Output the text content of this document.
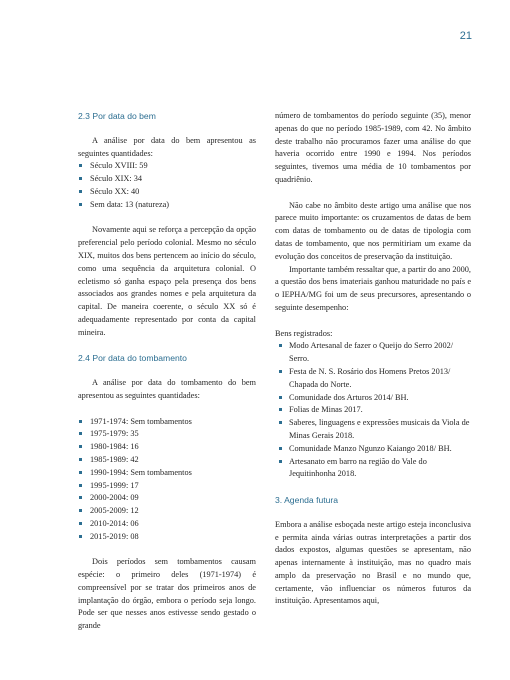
21
2.3 Por data do bem

A análise por data do bem apresentou as seguintes quantidades:

Século XVIII: 59
Século XIX: 34
Século XX: 40
Sem data: 13 (natureza)

Novamente aqui se reforça a percepção da opção preferencial pelo período colonial. Mesmo no século XIX, muitos dos bens pertencem ao início do século, como uma sequência da arquitetura colonial. O ecletismo só ganha espaço pela presença dos bens associados aos grandes nomes e pela arquitetura da capital. De maneira coerente, o século XX só é adequadamente representado por conta da capital mineira.

2.4 Por data do tombamento

A análise por data do tombamento do bem apresentou as seguintes quantidades:

1971-1974: Sem tombamentos
1975-1979: 35
1980-1984: 16
1985-1989: 42
1990-1994: Sem tombamentos
1995-1999: 17
2000-2004: 09
2005-2009: 12
2010-2014: 06
2015-2019: 08

Dois períodos sem tombamentos causam espécie: o primeiro deles (1971-1974) é compreensível por se tratar dos primeiros anos de implantação do órgão, embora o período seja longo. Pode ser que nesses anos estivesse sendo gestado o grande

número de tombamentos do período seguinte (35), menor apenas do que no período 1985-1989, com 42. No âmbito deste trabalho não procuramos fazer uma análise do que haveria ocorrido entre 1990 e 1994. Nos períodos seguintes, tivemos uma média de 10 tombamentos por quadriênio.

Não cabe no âmbito deste artigo uma análise que nos parece muito importante: os cruzamentos de datas de bem com datas de tombamento ou de datas de tipologia com datas de tombamento, que nos permitiriam um exame da evolução dos conceitos de preservação da instituição.

Importante também ressaltar que, a partir do ano 2000, a questão dos bens imateriais ganhou maturidade no país e o IEPHA/MG foi um de seus precursores, apresentando o seguinte desempenho:

Bens registrados:

Modo Artesanal de fazer o Queijo do Serro 2002/ Serro.
Festa de N. S. Rosário dos Homens Pretos 2013/ Chapada do Norte.
Comunidade dos Arturos 2014/ BH.
Folias de Minas 2017.
Saberes, linguagens e expressões musicais da Viola de Minas Gerais 2018.
Comunidade Manzo Ngunzo Kaiango 2018/ BH.
Artesanato em barro na região do Vale do Jequitinhonha 2018.
3. Agenda futura

Embora a análise esboçada neste artigo esteja inconclusiva e permita ainda várias outras interpretações a partir dos dados expostos, algumas questões se apresentam, não apenas internamente à instituição, mas no quadro mais amplo da preservação no Brasil e no mundo que, certamente, vão influenciar os números futuros da instituição. Apresentamos aqui,
